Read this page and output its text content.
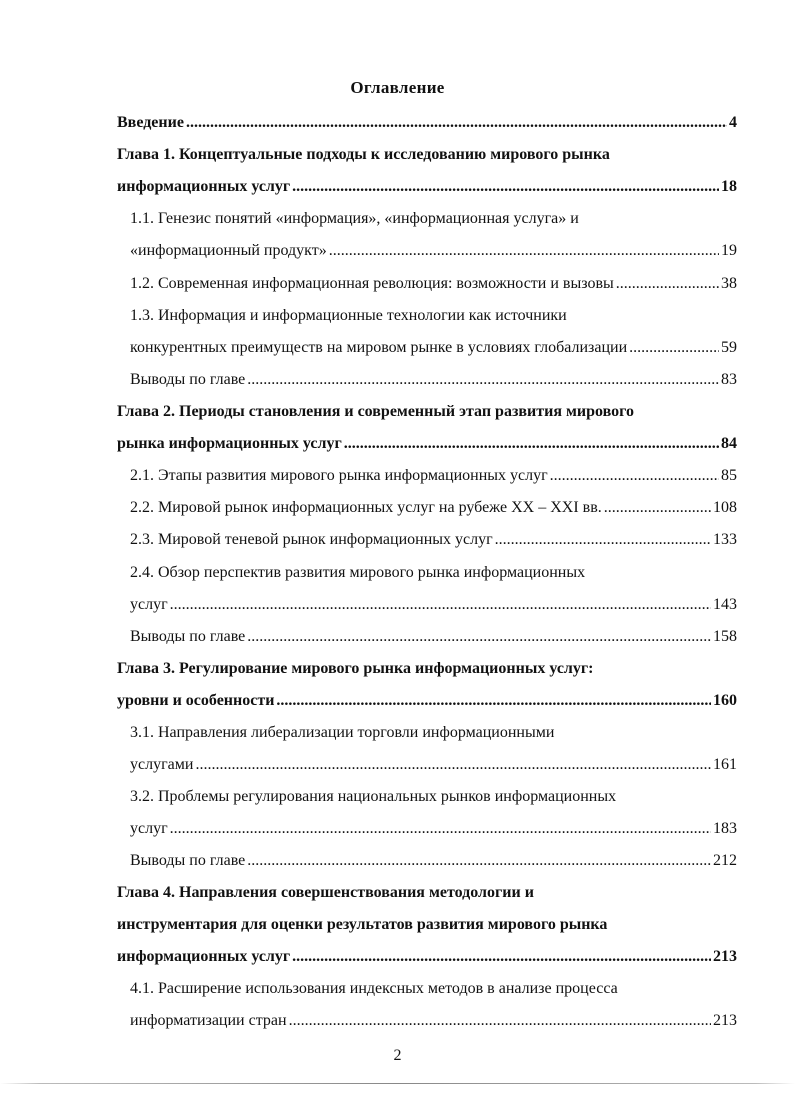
Оглавление
Введение .....	4
Глава 1. Концептуальные подходы к исследованию мирового рынка
информационных услуг .....	18
1.1. Генезис понятий «информация», «информационная услуга» и
«информационный продукт» .....	19
1.2. Современная информационная революция: возможности и вызовы .....	38
1.3. Информация и информационные технологии как источники
конкурентных преимуществ на мировом рынке в условиях глобализации .....	59
Выводы по главе .....	83
Глава 2. Периоды становления и современный этап развития мирового
рынка информационных услуг .....	84
2.1. Этапы развития мирового рынка информационных услуг .....	85
2.2. Мировой рынок информационных услуг на рубеже XX – XXI вв. .....	108
2.3. Мировой теневой рынок информационных услуг .....	133
2.4. Обзор перспектив развития мирового рынка информационных
услуг .....	143
Выводы по главе .....	158
Глава 3. Регулирование мирового рынка информационных услуг:
уровни и особенности .....	160
3.1. Направления либерализации торговли информационными
услугами .....	161
3.2. Проблемы регулирования национальных рынков информационных
услуг .....	183
Выводы по главе .....	212
Глава 4. Направления совершенствования методологии и
инструментария для оценки результатов развития мирового рынка
информационных услуг .....	213
4.1. Расширение использования индексных методов в анализе процесса
информатизации стран .....	213
2
